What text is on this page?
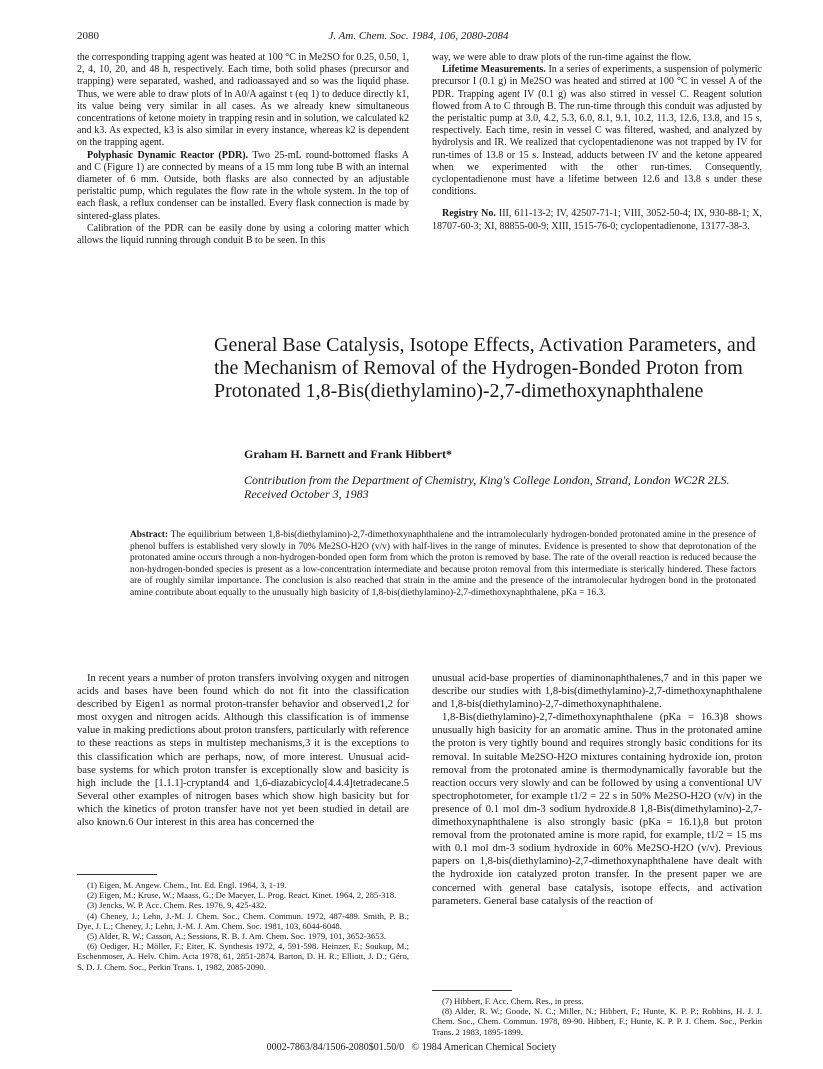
2080	J. Am. Chem. Soc. 1984, 106, 2080-2084

the corresponding trapping agent was heated at 100 °C in Me2SO for 0.25, 0.50, 1, 2, 4, 10, 20, and 48 h, respectively. Each time, both solid phases (precursor and trapping) were separated, washed, and radioassayed and so was the liquid phase. Thus, we were able to draw plots of ln A0/A against t (eq 1) to deduce directly k1, its value being very similar in all cases. As we already knew simultaneous concentrations of ketone moiety in trapping resin and in solution, we calculated k2 and k3. As expected, k3 is also similar in every instance, whereas k2 is dependent on the trapping agent.

Polyphasic Dynamic Reactor (PDR). Two 25-mL round-bottomed flasks A and C (Figure 1) are connected by means of a 15 mm long tube B with an internal diameter of 6 mm. Outside, both flasks are also connected by an adjustable peristaltic pump, which regulates the flow rate in the whole system. In the top of each flask, a reflux condenser can be installed. Every flask connection is made by sintered-glass plates.

Calibration of the PDR can be easily done by using a coloring matter which allows the liquid running through conduit B to be seen. In this

way, we were able to draw plots of the run-time against the flow.

Lifetime Measurements. In a series of experiments, a suspension of polymeric precursor I (0.1 g) in Me2SO was heated and stirred at 100 °C in vessel A of the PDR. Trapping agent IV (0.1 g) was also stirred in vessel C. Reagent solution flowed from A to C through B. The run-time through this conduit was adjusted by the peristaltic pump at 3.0, 4.2, 5.3, 6.0, 8.1, 9.1, 10.2, 11.3, 12.6, 13.8, and 15 s, respectively. Each time, resin in vessel C was filtered, washed, and analyzed by hydrolysis and IR. We realized that cyclopentadienone was not trapped by IV for run-times of 13.8 or 15 s. Instead, adducts between IV and the ketone appeared when we experimented with the other run-times. Consequently, cyclopentadienone must have a lifetime between 12.6 and 13.8 s under these conditions.

Registry No. III, 611-13-2; IV, 42507-71-1; VIII, 3052-50-4; IX, 930-88-1; X, 18707-60-3; XI, 88855-00-9; XIII, 1515-76-0; cyclopentadienone, 13177-38-3.

General Base Catalysis, Isotope Effects, Activation Parameters, and the Mechanism of Removal of the Hydrogen-Bonded Proton from Protonated 1,8-Bis(diethylamino)-2,7-dimethoxynaphthalene
Graham H. Barnett and Frank Hibbert*
Contribution from the Department of Chemistry, King's College London, Strand, London WC2R 2LS. Received October 3, 1983
Abstract: The equilibrium between 1,8-bis(diethylamino)-2,7-dimethoxynaphthalene and the intramolecularly hydrogen-bonded protonated amine in the presence of phenol buffers is established very slowly in 70% Me2SO-H2O (v/v) with half-lives in the range of minutes. Evidence is presented to show that deprotonation of the protonated amine occurs through a non-hydrogen-bonded open form from which the proton is removed by base. The rate of the overall reaction is reduced because the non-hydrogen-bonded species is present as a low-concentration intermediate and because proton removal from this intermediate is sterically hindered. These factors are of roughly similar importance. The conclusion is also reached that strain in the amine and the presence of the intramolecular hydrogen bond in the protonated amine contribute about equally to the unusually high basicity of 1,8-bis(diethylamino)-2,7-dimethoxynaphthalene, pKa = 16.3.

In recent years a number of proton transfers involving oxygen and nitrogen acids and bases have been found which do not fit into the classification described by Eigen1 as normal proton-transfer behavior and observed1,2 for most oxygen and nitrogen acids. Although this classification is of immense value in making predictions about proton transfers, particularly with reference to these reactions as steps in multistep mechanisms,3 it is the exceptions to this classification which are perhaps, now, of more interest. Unusual acid-base systems for which proton transfer is exceptionally slow and basicity is high include the [1.1.1]-cryptand4 and 1,6-diazabicyclo[4.4.4]tetradecane.5 Several other examples of nitrogen bases which show high basicity but for which the kinetics of proton transfer have not yet been studied in detail are also known.6 Our interest in this area has concerned the

unusual acid-base properties of diaminonaphthalenes,7 and in this paper we describe our studies with 1,8-bis(dimethylamino)-2,7-dimethoxynaphthalene and 1,8-bis(diethylamino)-2,7-dimethoxynaphthalene.

1,8-Bis(diethylamino)-2,7-dimethoxynaphthalene (pKa = 16.3)8 shows unusually high basicity for an aromatic amine. Thus in the protonated amine the proton is very tightly bound and requires strongly basic conditions for its removal. In suitable Me2SO-H2O mixtures containing hydroxide ion, proton removal from the protonated amine is thermodynamically favorable but the reaction occurs very slowly and can be followed by using a conventional UV spectrophotometer, for example t1/2 = 22 s in 50% Me2SO-H2O (v/v) in the presence of 0.1 mol dm-3 sodium hydroxide.8 1,8-Bis(dimethylamino)-2,7-dimethoxynaphthalene is also strongly basic (pKa = 16.1),8 but proton removal from the protonated amine is more rapid, for example, t1/2 = 15 ms with 0.1 mol dm-3 sodium hydroxide in 60% Me2SO-H2O (v/v). Previous papers on 1,8-bis(diethylamino)-2,7-dimethoxynaphthalene have dealt with the hydroxide ion catalyzed proton transfer. In the present paper we are concerned with general base catalysis, isotope effects, and activation parameters. General base catalysis of the reaction of

(1) Eigen, M. Angew. Chem., Int. Ed. Engl. 1964, 3, 1-19.

(2) Eigen, M.; Kruse, W.; Maass, G.; De Maeyer, L. Prog. React. Kinet. 1964, 2, 285-318.

(3) Jencks, W. P. Acc. Chem. Res. 1976, 9, 425-432.

(4) Cheney, J.; Lehn, J.-M. J. Chem. Soc., Chem. Commun. 1972, 487-489. Smith, P. B.; Dye, J. L.; Cheney, J.; Lehn, J.-M. J. Am. Chem. Soc. 1981, 103, 6044-6048.

(5) Alder, R. W.; Casson, A.; Sessions, R. B. J. Am. Chem. Soc. 1979, 101, 3652-3653.

(6) Oediger, H.; Möller, F.; Eiter, K. Synthesis 1972, 4, 591-598. Heinzer, F.; Soukup, M.; Eschenmoser, A. Helv. Chim. Acta 1978, 61, 2851-2874. Barton, D. H. R.; Elliott, J. D.; Géro, S. D. J. Chem. Soc., Perkin Trans. 1, 1982, 2085-2090.

(7) Hibbert, F. Acc. Chem. Res., in press.

(8) Alder, R. W.; Goode, N. C.; Miller, N.; Hibbert, F.; Hunte, K. P. P.; Robbins, H. J. J. Chem. Soc., Chem. Commun. 1978, 89-90. Hibbert, F.; Hunte, K. P. P. J. Chem. Soc., Perkin Trans. 2 1983, 1895-1899.

0002-7863/84/1506-2080$01.50/0 © 1984 American Chemical Society
